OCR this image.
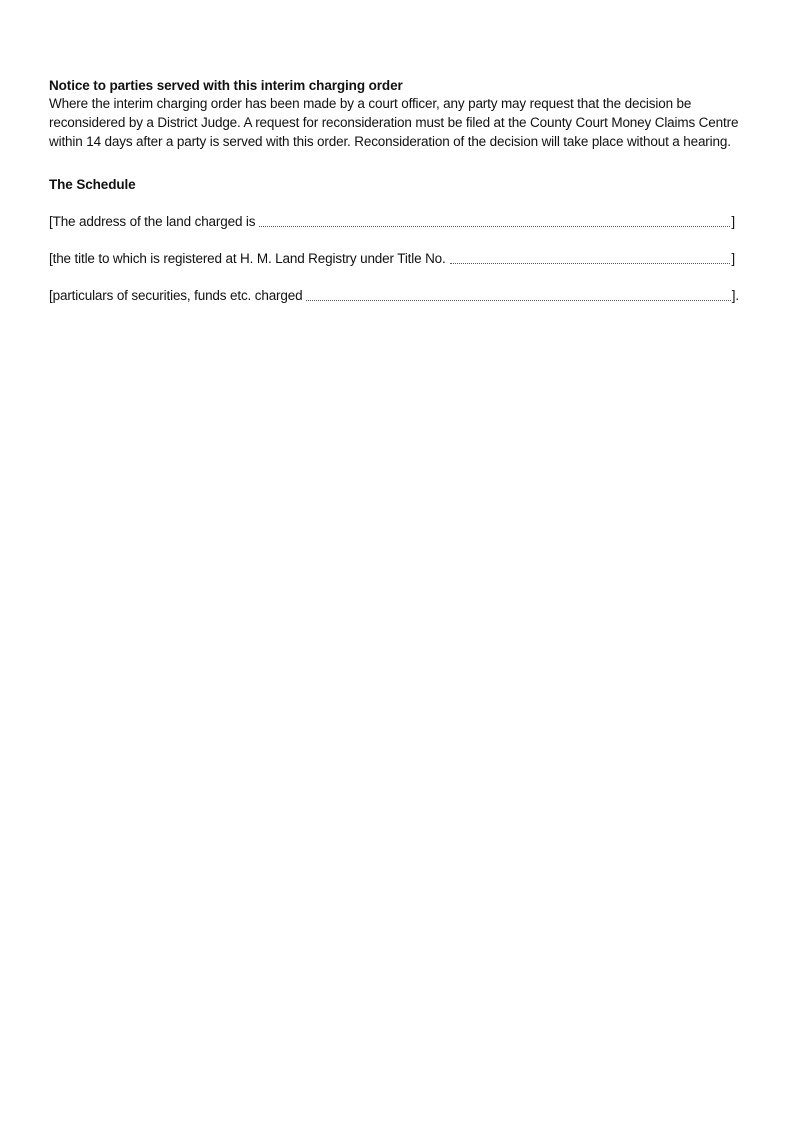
Notice to parties served with this interim charging order

Where the interim charging order has been made by a court officer, any party may request that the decision be reconsidered by a District Judge. A request for reconsideration must be filed at the County Court Money Claims Centre within 14 days after a party is served with this order. Reconsideration of the decision will take place without a hearing.

The Schedule

[The address of the land charged is	]
[the title to which is registered at H. M. Land Registry under Title No.	]
[particulars of securities, funds etc. charged	].
